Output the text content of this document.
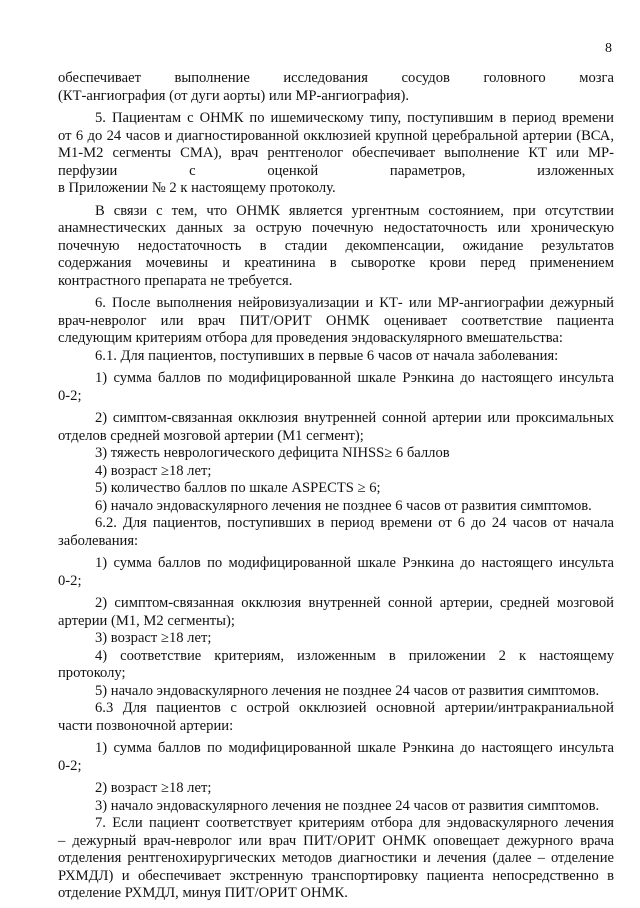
8
обеспечивает выполнение исследования сосудов головного мозга
(КТ-ангиография (от дуги аорты) или МР-ангиография).
5. Пациентам с ОНМК по ишемическому типу, поступившим в период времени
от 6 до 24 часов и диагностированной окклюзией крупной церебральной артерии (ВСА,
М1-М2 сегменты СМА), врач рентгенолог обеспечивает выполнение КТ или МР-
перфузии с оценкой параметров, изложенных
в Приложении № 2 к настоящему протоколу.
В связи с тем, что ОНМК является ургентным состоянием, при отсутствии
анамнестических данных за острую почечную недостаточность или хроническую
почечную недостаточность в стадии декомпенсации, ожидание результатов
содержания мочевины и креатинина в сыворотке крови перед применением
контрастного препарата не требуется.
6. После выполнения нейровизуализации и КТ- или МР-ангиографии дежурный
врач-невролог или врач ПИТ/ОРИТ ОНМК оценивает соответствие пациента
следующим критериям отбора для проведения эндоваскулярного вмешательства:
6.1. Для пациентов, поступивших в первые 6 часов от начала заболевания:
1) сумма баллов по модифицированной шкале Рэнкина до настоящего инсульта
0-2;
2) симптом-связанная окклюзия внутренней сонной артерии или проксимальных
отделов средней мозговой артерии (M1 сегмент);
3) тяжесть неврологического дефицита NIHSS≥ 6 баллов
4) возраст ≥18 лет;
5) количество баллов по шкале ASPECTS ≥ 6;
6) начало эндоваскулярного лечения не позднее 6 часов от развития симптомов.
6.2. Для пациентов, поступивших в период времени от 6 до 24 часов от начала
заболевания:
1) сумма баллов по модифицированной шкале Рэнкина до настоящего инсульта
0-2;
2) симптом-связанная окклюзия внутренней сонной артерии, средней мозговой
артерии (M1, M2 сегменты);
3) возраст ≥18 лет;
4) соответствие критериям, изложенным в приложении 2 к настоящему
протоколу;
5) начало эндоваскулярного лечения не позднее 24 часов от развития симптомов.
6.3 Для пациентов с острой окклюзией основной артерии/интракраниальной
части позвоночной артерии:
1) сумма баллов по модифицированной шкале Рэнкина до настоящего инсульта
0-2;
2) возраст ≥18 лет;
3) начало эндоваскулярного лечения не позднее 24 часов от развития симптомов.
7. Если пациент соответствует критериям отбора для эндоваскулярного лечения
– дежурный врач-невролог или врач ПИТ/ОРИТ ОНМК оповещает дежурного врача
отделения рентгенохирургических методов диагностики и лечения (далее – отделение
РХМДЛ) и обеспечивает экстренную транспортировку пациента непосредственно в
отделение РХМДЛ, минуя ПИТ/ОРИТ ОНМК.
